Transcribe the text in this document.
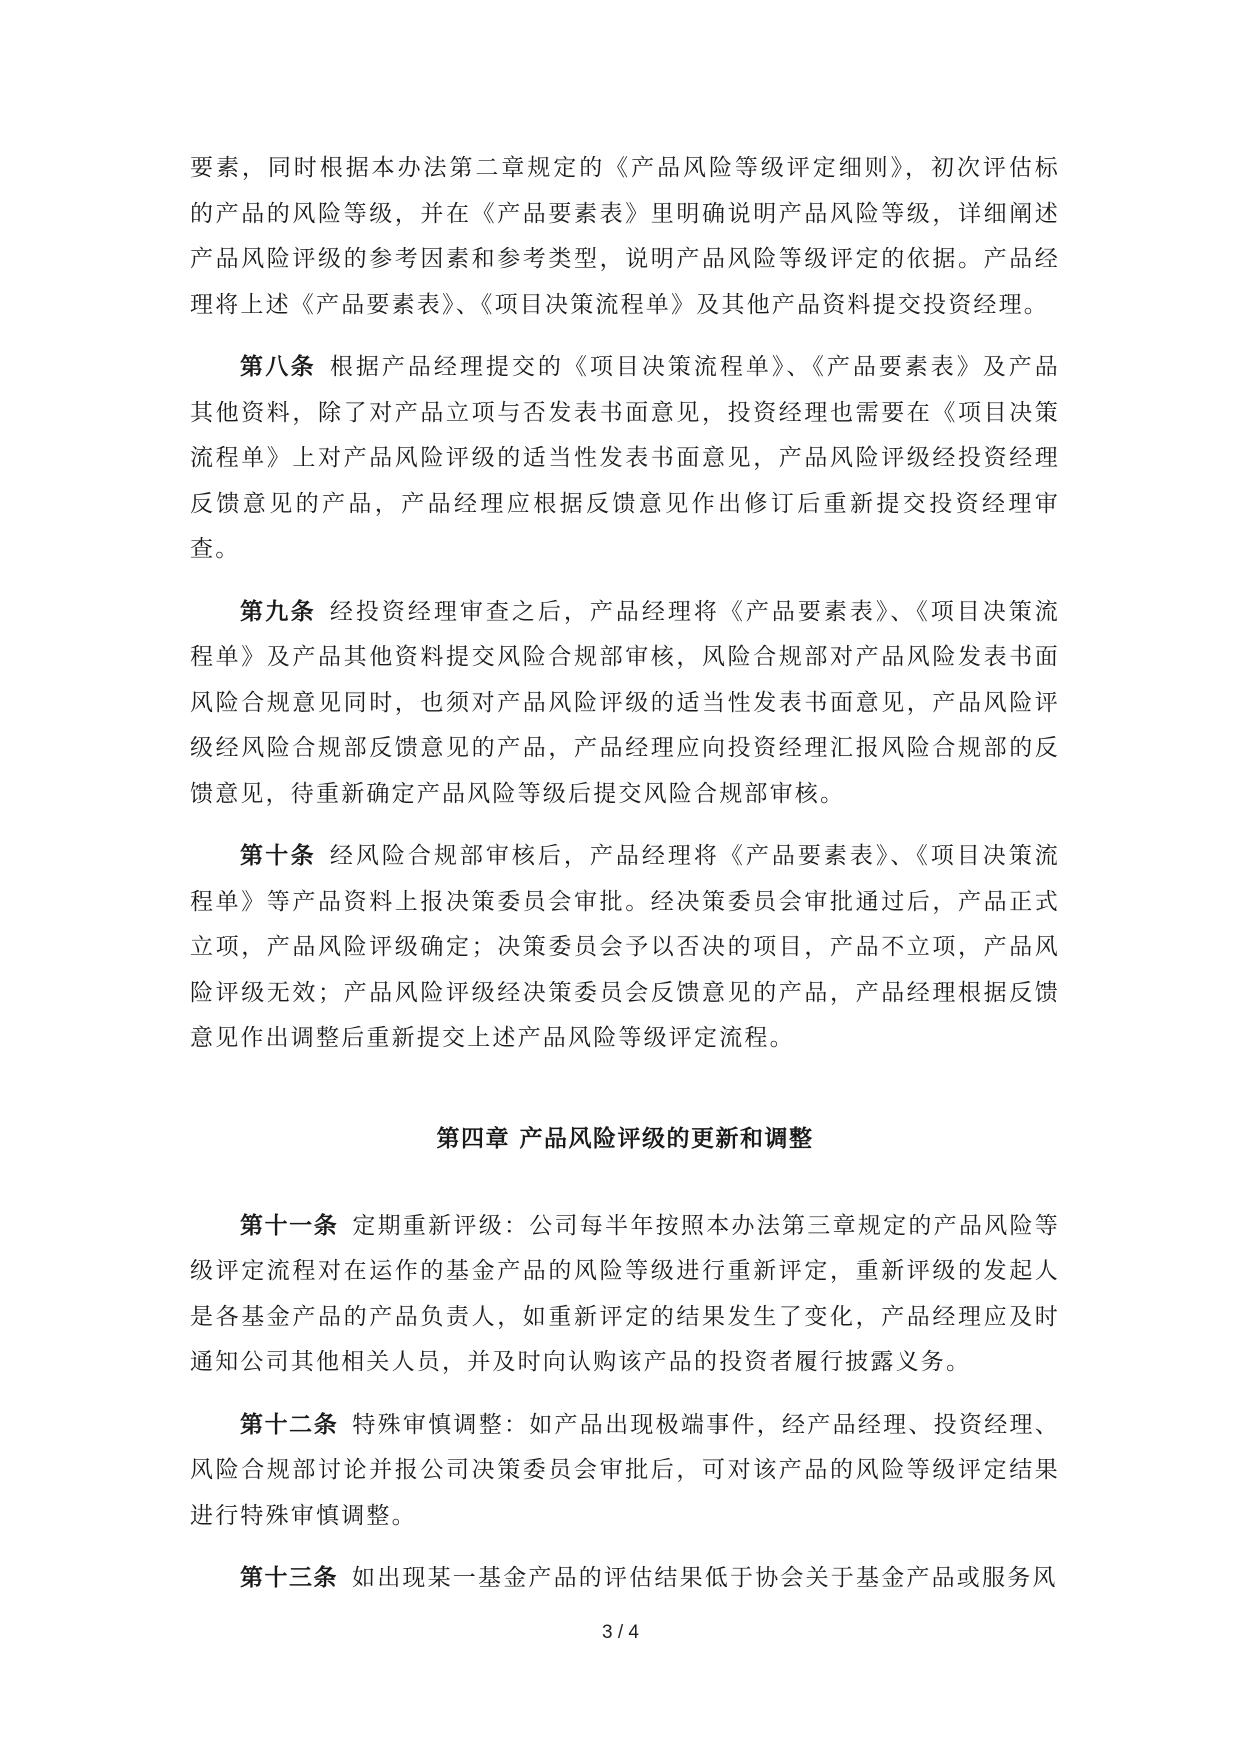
要素，同时根据本办法第二章规定的《产品风险等级评定细则》，初次评估标的产品的风险等级，并在《产品要素表》里明确说明产品风险等级，详细阐述产品风险评级的参考因素和参考类型，说明产品风险等级评定的依据。产品经理将上述《产品要素表》、《项目决策流程单》及其他产品资料提交投资经理。

第八条 根据产品经理提交的《项目决策流程单》、《产品要素表》及产品其他资料，除了对产品立项与否发表书面意见，投资经理也需要在《项目决策流程单》上对产品风险评级的适当性发表书面意见，产品风险评级经投资经理反馈意见的产品，产品经理应根据反馈意见作出修订后重新提交投资经理审查。

第九条 经投资经理审查之后，产品经理将《产品要素表》、《项目决策流程单》及产品其他资料提交风险合规部审核，风险合规部对产品风险发表书面风险合规意见同时，也须对产品风险评级的适当性发表书面意见，产品风险评级经风险合规部反馈意见的产品，产品经理应向投资经理汇报风险合规部的反馈意见，待重新确定产品风险等级后提交风险合规部审核。

第十条 经风险合规部审核后，产品经理将《产品要素表》、《项目决策流程单》等产品资料上报决策委员会审批。经决策委员会审批通过后，产品正式立项，产品风险评级确定；决策委员会予以否决的项目，产品不立项，产品风险评级无效；产品风险评级经决策委员会反馈意见的产品，产品经理根据反馈意见作出调整后重新提交上述产品风险等级评定流程。

第四章 产品风险评级的更新和调整

第十一条 定期重新评级：公司每半年按照本办法第三章规定的产品风险等级评定流程对在运作的基金产品的风险等级进行重新评定，重新评级的发起人是各基金产品的产品负责人，如重新评定的结果发生了变化，产品经理应及时通知公司其他相关人员，并及时向认购该产品的投资者履行披露义务。

第十二条 特殊审慎调整：如产品出现极端事件，经产品经理、投资经理、风险合规部讨论并报公司决策委员会审批后，可对该产品的风险等级评定结果进行特殊审慎调整。

第十三条 如出现某一基金产品的评估结果低于协会关于基金产品或服务风

3 / 4
